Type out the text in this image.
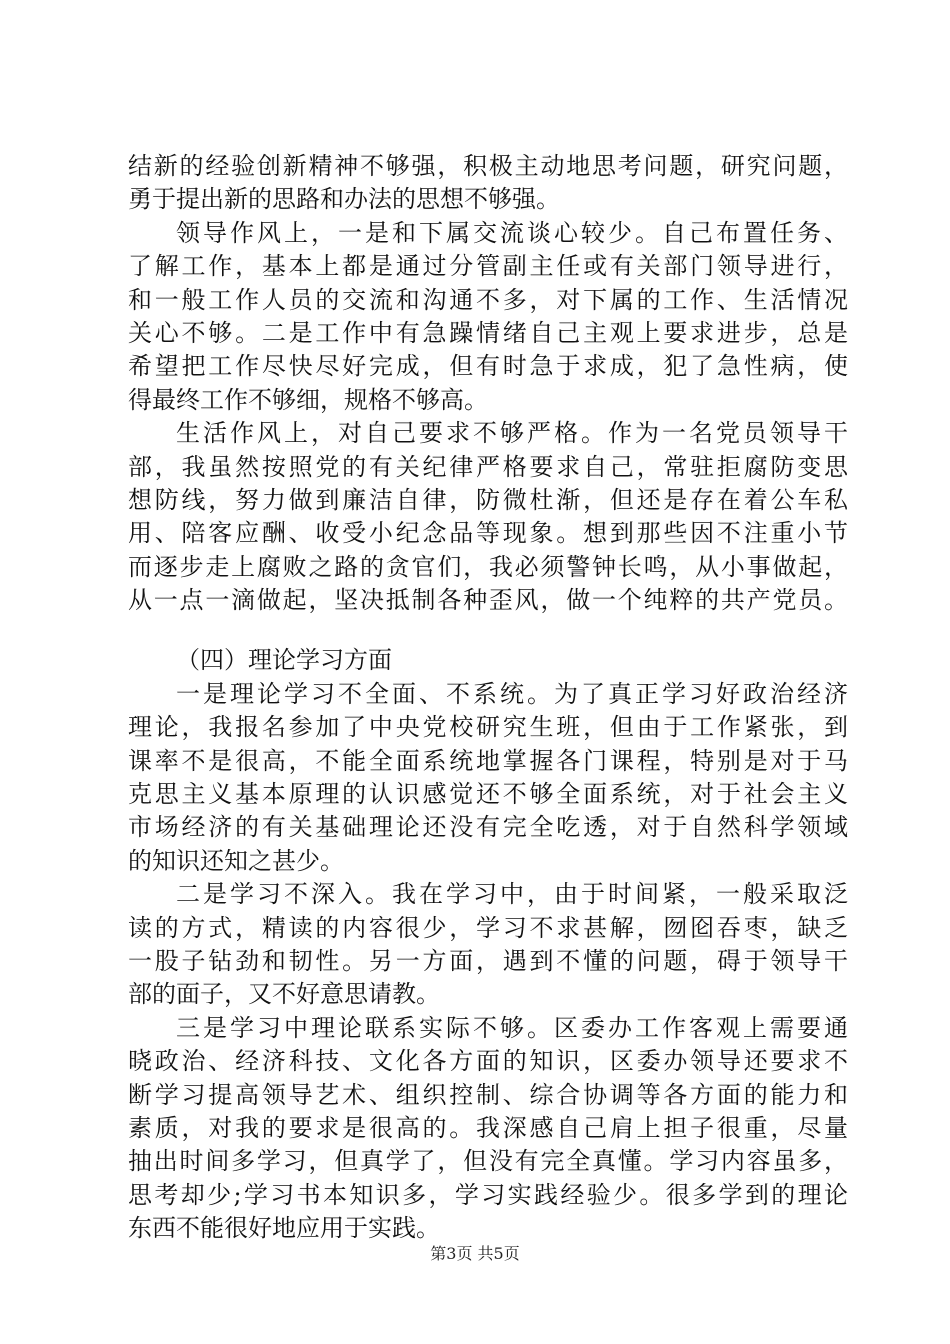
结新的经验创新精神不够强，积极主动地思考问题，研究问题，
勇于提出新的思路和办法的思想不够强。
领导作风上，一是和下属交流谈心较少。自己布置任务、
了解工作，基本上都是通过分管副主任或有关部门领导进行，
和一般工作人员的交流和沟通不多，对下属的工作、生活情况
关心不够。二是工作中有急躁情绪自己主观上要求进步，总是
希望把工作尽快尽好完成，但有时急于求成，犯了急性病，使
得最终工作不够细，规格不够高。
生活作风上，对自己要求不够严格。作为一名党员领导干
部，我虽然按照党的有关纪律严格要求自己，常驻拒腐防变思
想防线，努力做到廉洁自律，防微杜渐，但还是存在着公车私
用、陪客应酬、收受小纪念品等现象。想到那些因不注重小节
而逐步走上腐败之路的贪官们，我必须警钟长鸣，从小事做起，
从一点一滴做起，坚决抵制各种歪风，做一个纯粹的共产党员。
（四）理论学习方面
一是理论学习不全面、不系统。为了真正学习好政治经济
理论，我报名参加了中央党校研究生班，但由于工作紧张，到
课率不是很高，不能全面系统地掌握各门课程，特别是对于马
克思主义基本原理的认识感觉还不够全面系统，对于社会主义
市场经济的有关基础理论还没有完全吃透，对于自然科学领域
的知识还知之甚少。
二是学习不深入。我在学习中，由于时间紧，一般采取泛
读的方式，精读的内容很少，学习不求甚解，囫囵吞枣，缺乏
一股子钻劲和韧性。另一方面，遇到不懂的问题，碍于领导干
部的面子，又不好意思请教。
三是学习中理论联系实际不够。区委办工作客观上需要通
晓政治、经济科技、文化各方面的知识，区委办领导还要求不
断学习提高领导艺术、组织控制、综合协调等各方面的能力和
素质，对我的要求是很高的。我深感自己肩上担子很重，尽量
抽出时间多学习，但真学了，但没有完全真懂。学习内容虽多，
思考却少;学习书本知识多，学习实践经验少。很多学到的理论
东西不能很好地应用于实践。
第3页 共5页
